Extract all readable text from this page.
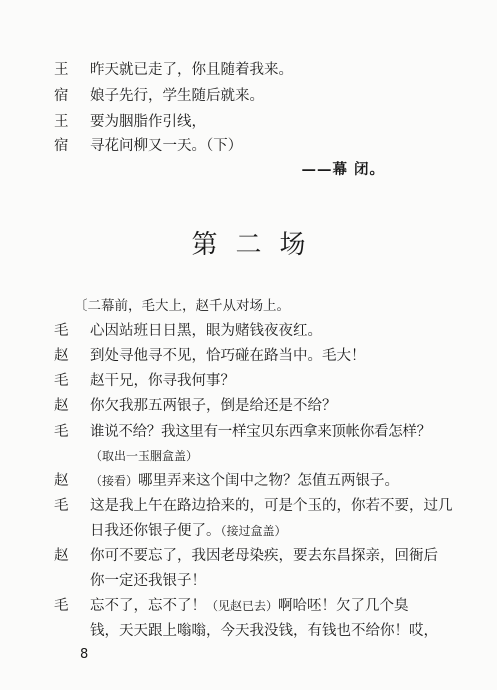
王	昨天就已走了，你且随着我来。
宿	娘子先行，学生随后就来。
王	要为胭脂作引线，
宿	寻花问柳又一天。（下）
——幕 闭。
第二场
〔二幕前，毛大上，赵千从对场上。
毛	心因站班日日黑，眼为赌钱夜夜红。
赵	到处寻他寻不见，恰巧碰在路当中。毛大！
毛	赵干兄，你寻我何事？
赵	你欠我那五两银子，倒是给还是不给？
毛	谁说不给？我这里有一样宝贝东西拿来顶帐你看怎样？
（取出一玉胭盒盖）
赵	（接看）哪里弄来这个闺中之物？怎值五两银子。
毛	这是我上午在路边拾来的，可是个玉的，你若不要，过几
日我还你银子便了。（接过盒盖）
赵	你可不要忘了，我因老母染疾，要去东昌探亲，回衙后
你一定还我银子！
毛	忘不了，忘不了！（见赵已去）啊哈呸！欠了几个臭
钱，天天跟上嗡嗡，今天我没钱，有钱也不给你！哎，
8
